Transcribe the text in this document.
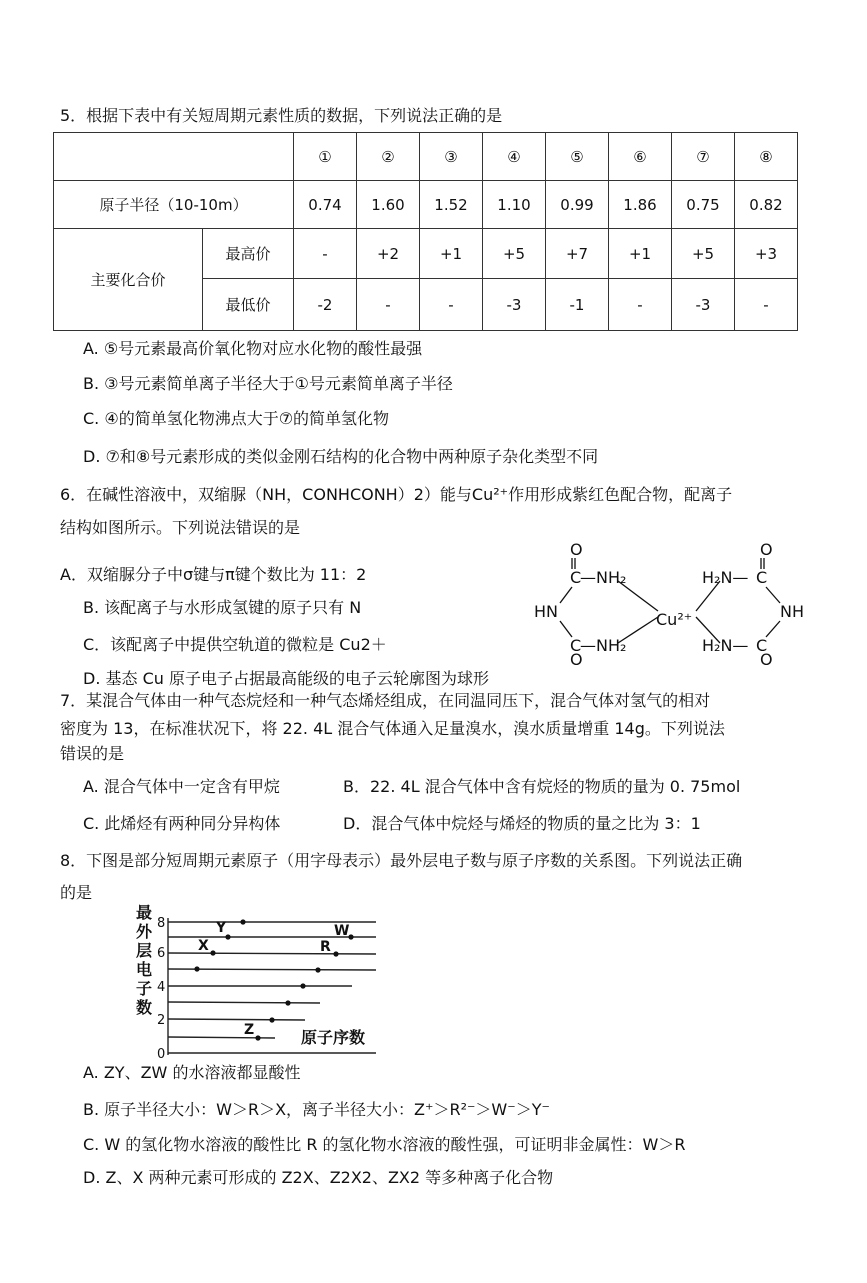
5．根据下表中有关短周期元素性质的数据，下列说法正确的是
		①	②	③	④	⑤	⑥	⑦	⑧
原子半径（10-10m）		0.74	1.60	1.52	1.10	0.99	1.86	0.75	0.82
主要化合价	最高价	-	+2	+1	+5	+7	+1	+5	+3
	最低价	-2	-	-	-3	-1	-	-3	-
A. ⑤号元素最高价氧化物对应水化物的酸性最强
B. ③号元素简单离子半径大于①号元素简单离子半径
C. ④的简单氢化物沸点大于⑦的简单氢化物
D. ⑦和⑧号元素形成的类似金刚石结构的化合物中两种原子杂化类型不同
6．在碱性溶液中，双缩脲（NH，CONHCONH）2）能与Cu²⁺作用形成紫红色配合物，配离子
结构如图所示。下列说法错误的是
A．双缩脲分子中σ键与π键个数比为 11：2
B. 该配离子与水形成氢键的原子只有 N
C．该配离子中提供空轨道的微粒是 Cu2＋
D. 基态 Cu 原子电子占据最高能级的电子云轮廓图为球形
O
C
—NH₂
HN
C
—NH₂
O
Cu²⁺
O
H₂N— C
NH
H₂N— C
O
7．某混合气体由一种气态烷烃和一种气态烯烃组成，在同温同压下，混合气体对氢气的相对
密度为 13，在标准状况下，将 22. 4L 混合气体通入足量溴水，溴水质量增重 14g。下列说法
错误的是
A. 混合气体中一定含有甲烷	B．22. 4L 混合气体中含有烷烃的物质的量为 0. 75mol
C. 此烯烃有两种同分异构体	D．混合气体中烷烃与烯烃的物质的量之比为 3：1
8．下图是部分短周期元素原子（用字母表示）最外层电子数与原子序数的关系图。下列说法正确
的是
最
外
层
电
子
数
8
6
4
2
0
Y	W
X	R
Z	原子序数
A. ZY、ZW 的水溶液都显酸性
B. 原子半径大小：W＞R＞X，离子半径大小：Z⁺＞R²⁻＞W⁻＞Y⁻
C. W 的氢化物水溶液的酸性比 R 的氢化物水溶液的酸性强，可证明非金属性：W＞R
D. Z、X 两种元素可形成的 Z2X、Z2X2、ZX2 等多种离子化合物
